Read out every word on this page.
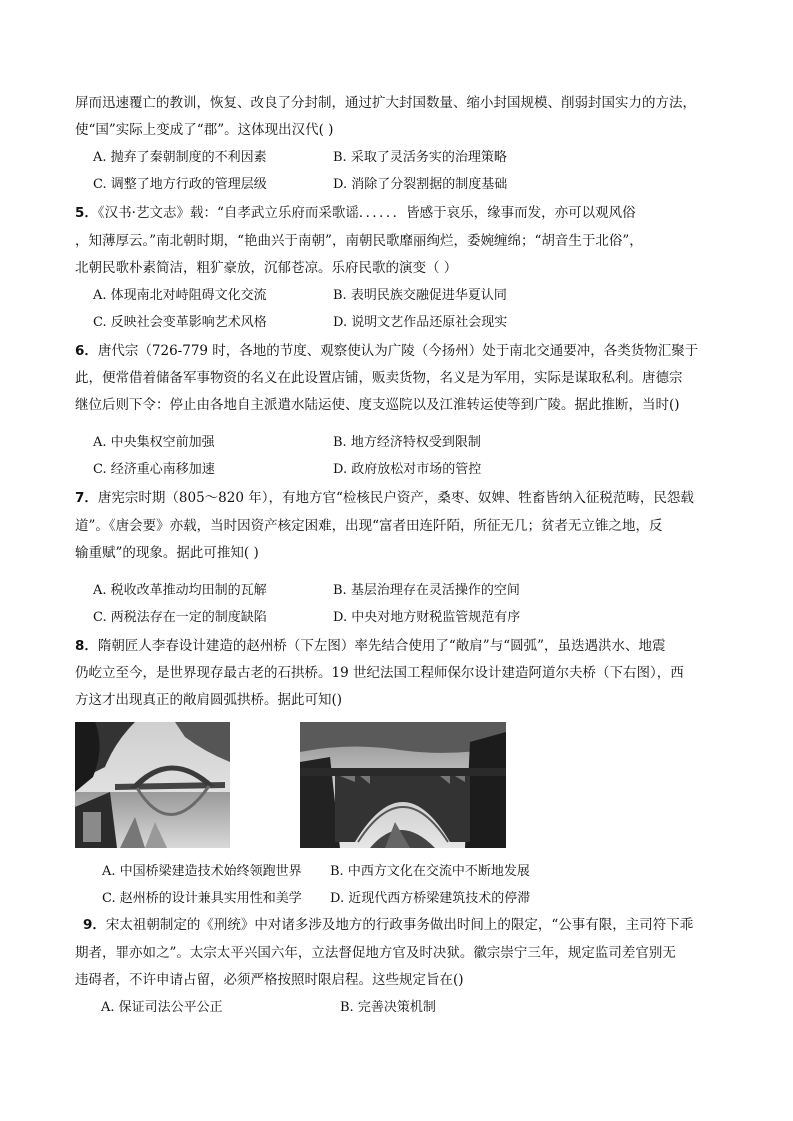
屏而迅速覆亡的教训，恢复、改良了分封制，通过扩大封国数量、缩小封国规模、削弱封国实力的方法，
使“国”实际上变成了“郡”。这体现出汉代( )
A. 抛弃了秦朝制度的不利因素	B. 采取了灵活务实的治理策略
C. 调整了地方行政的管理层级	D. 消除了分裂割据的制度基础
5．《汉书·艺文志》载：“自孝武立乐府而采歌谣．．．．．．皆感于哀乐，缘事而发，亦可以观风俗
，知薄厚云。”南北朝时期，“艳曲兴于南朝”，南朝民歌靡丽绚烂，委婉缠绵；“胡音生于北俗”，
北朝民歌朴素简洁，粗犷豪放，沉郁苍凉。乐府民歌的演变（ ）
A. 体现南北对峙阻碍文化交流	B. 表明民族交融促进华夏认同
C. 反映社会变革影响艺术风格	D. 说明文艺作品还原社会现实
6．唐代宗（726-779 时，各地的节度、观察使认为广陵（今扬州）处于南北交通要冲，各类货物汇聚于
此，便常借着储备军事物资的名义在此设置店铺，贩卖货物，名义是为军用，实际是谋取私利。唐德宗
继位后则下令：停止由各地自主派遣水陆运使、度支巡院以及江淮转运使等到广陵。据此推断，当时()
A. 中央集权空前加强	B. 地方经济特权受到限制
C. 经济重心南移加速	D. 政府放松对市场的管控
7．唐宪宗时期（805～820 年），有地方官“检核民户资产，桑枣、奴婢、牲畜皆纳入征税范畴，民怨载
道”。《唐会要》亦载，当时因资产核定困难，出现“富者田连阡陌，所征无几；贫者无立锥之地，反
输重赋”的现象。据此可推知( )
A. 税收改革推动均田制的瓦解	B. 基层治理存在灵活操作的空间
C. 两税法存在一定的制度缺陷	D. 中央对地方财税监管规范有序
8．隋朝匠人李春设计建造的赵州桥（下左图）率先结合使用了“敞肩”与“圆弧”，虽迭遇洪水、地震
仍屹立至今，是世界现存最古老的石拱桥。19 世纪法国工程师保尔设计建造阿道尔夫桥（下右图），西
方这才出现真正的敞肩圆弧拱桥。据此可知()
A. 中国桥梁建造技术始终领跑世界 B. 中西方文化在交流中不断地发展
C. 赵州桥的设计兼具实用性和美学 D. 近现代西方桥梁建筑技术的停滞
9．宋太祖朝制定的《刑统》中对诸多涉及地方的行政事务做出时间上的限定，“公事有限，主司符下乖
期者，罪亦如之”。太宗太平兴国六年，立法督促地方官及时决狱。徽宗崇宁三年，规定监司差官别无
违碍者，不许申请占留，必须严格按照时限启程。这些规定旨在()
A. 保证司法公平公正	B. 完善决策机制
